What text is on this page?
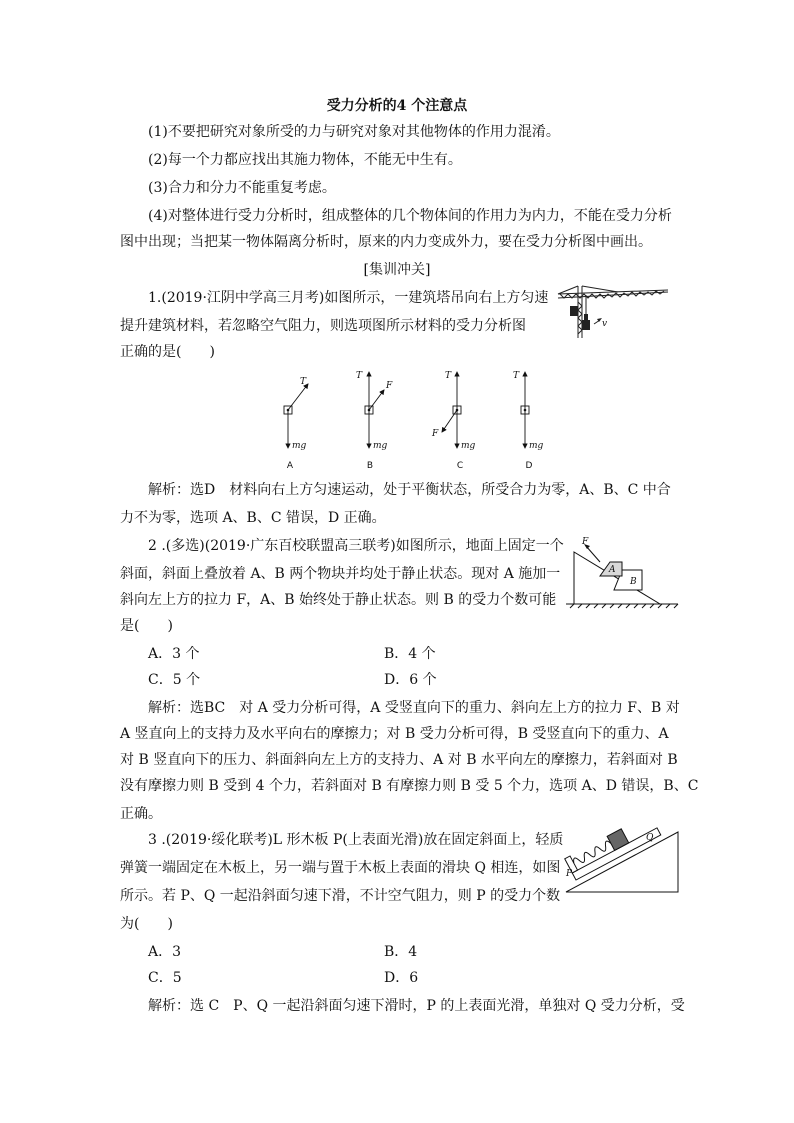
受力分析的4 个注意点
(1)不要把研究对象所受的力与研究对象对其他物体的作用力混淆。
(2)每一个力都应找出其施力物体，不能无中生有。
(3)合力和分力不能重复考虑。
(4)对整体进行受力分析时，组成整体的几个物体间的作用力为内力，不能在受力分析
图中出现；当把某一物体隔离分析时，原来的内力变成外力，要在受力分析图中画出。
[集训冲关]
1.(2019·江阴中学高三月考)如图所示，一建筑塔吊向右上方匀速
提升建筑材料，若忽略空气阻力，则选项图所示材料的受力分析图
正确的是(　　)
v
T
mg
A
T
F
mg
B
T
F
mg
C
T
mg
D
解析：选D　材料向右上方匀速运动，处于平衡状态，所受合力为零，A、B、C 中合
力不为零，选项 A、B、C 错误，D 正确。
2 .(多选)(2019·广东百校联盟高三联考)如图所示，地面上固定一个
斜面，斜面上叠放着 A、B 两个物块并均处于静止状态。现对 A 施加一
斜向左上方的拉力 F，A、B 始终处于静止状态。则 B 的受力个数可能
是(　　)
F
A
B
A．3 个	B．4 个
C．5 个	D．6 个
解析：选BC　对 A 受力分析可得，A 受竖直向下的重力、斜向左上方的拉力 F、B 对
A 竖直向上的支持力及水平向右的摩擦力；对 B 受力分析可得，B 受竖直向下的重力、A
对 B 竖直向下的压力、斜面斜向左上方的支持力、A 对 B 水平向左的摩擦力，若斜面对 B
没有摩擦力则 B 受到 4 个力，若斜面对 B 有摩擦力则 B 受 5 个力，选项 A、D 错误，B、C
正确。
3 .(2019·绥化联考)L 形木板 P(上表面光滑)放在固定斜面上，轻质
弹簧一端固定在木板上，另一端与置于木板上表面的滑块 Q 相连，如图
所示。若 P、Q 一起沿斜面匀速下滑，不计空气阻力，则 P 的受力个数
为(　　)
P
Q
A．3	B．4
C．5	D．6
解析：选 C　P、Q 一起沿斜面匀速下滑时，P 的上表面光滑，单独对 Q 受力分析，受
